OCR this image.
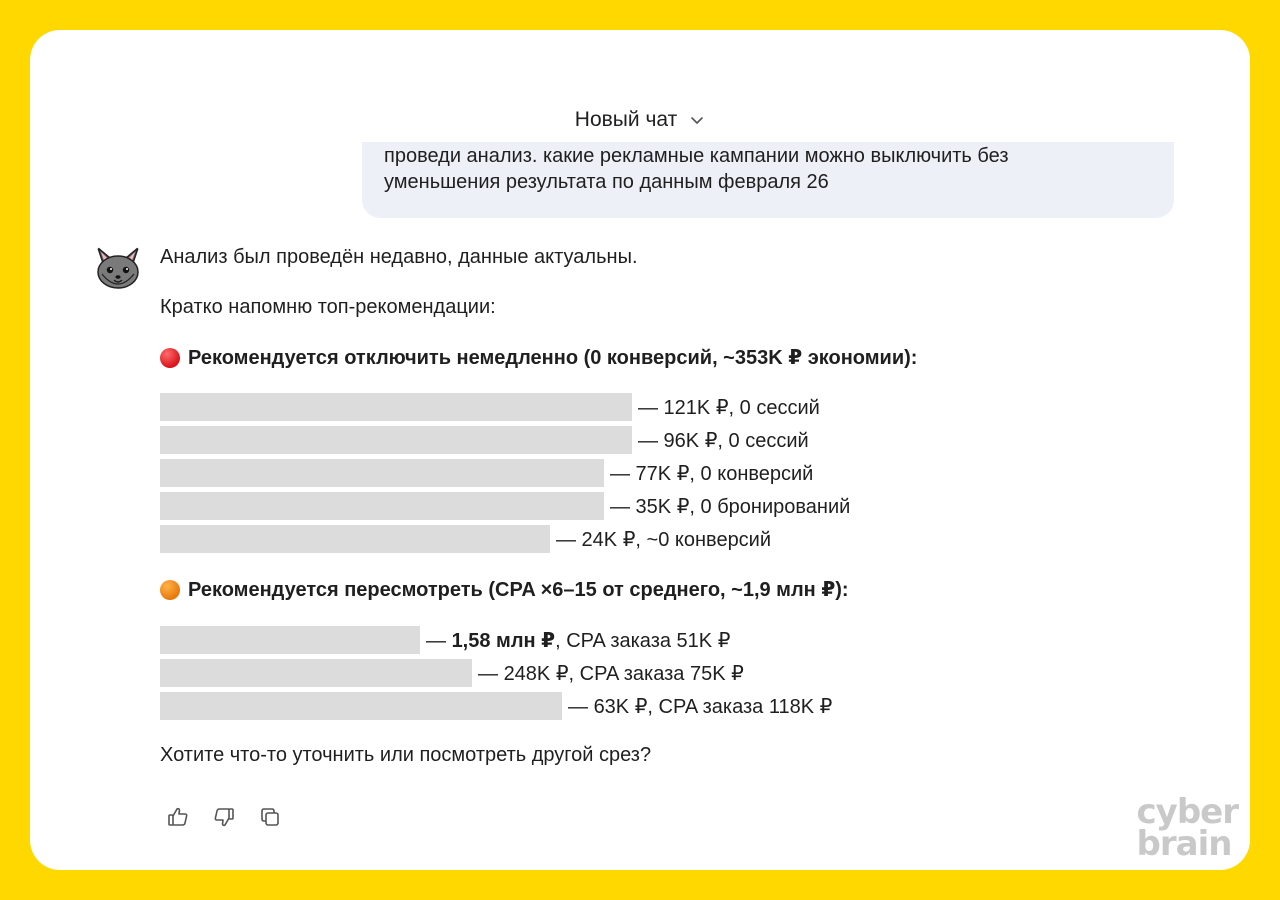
Новый чат

проведи анализ. какие рекламные кампании можно выключить без

уменьшения результата по данным февраля 26

Анализ был проведён недавно, данные актуальны.
Кратко напомню топ-рекомендации:
Рекомендуется отключить немедленно (0 конверсий, ~353K ₽ экономии):
— 121K ₽, 0 сессий
— 96K ₽, 0 сессий
— 77K ₽, 0 конверсий
— 35K ₽, 0 бронирований
— 24K ₽, ~0 конверсий
Рекомендуется пересмотреть (CPA ×6–15 от среднего, ~1,9 млн ₽):
— 1,58 млн ₽, CPA заказа 51K ₽
— 248K ₽, CPA заказа 75K ₽
— 63K ₽, CPA заказа 118K ₽
Хотите что-то уточнить или посмотреть другой срез?
cyber
brain
